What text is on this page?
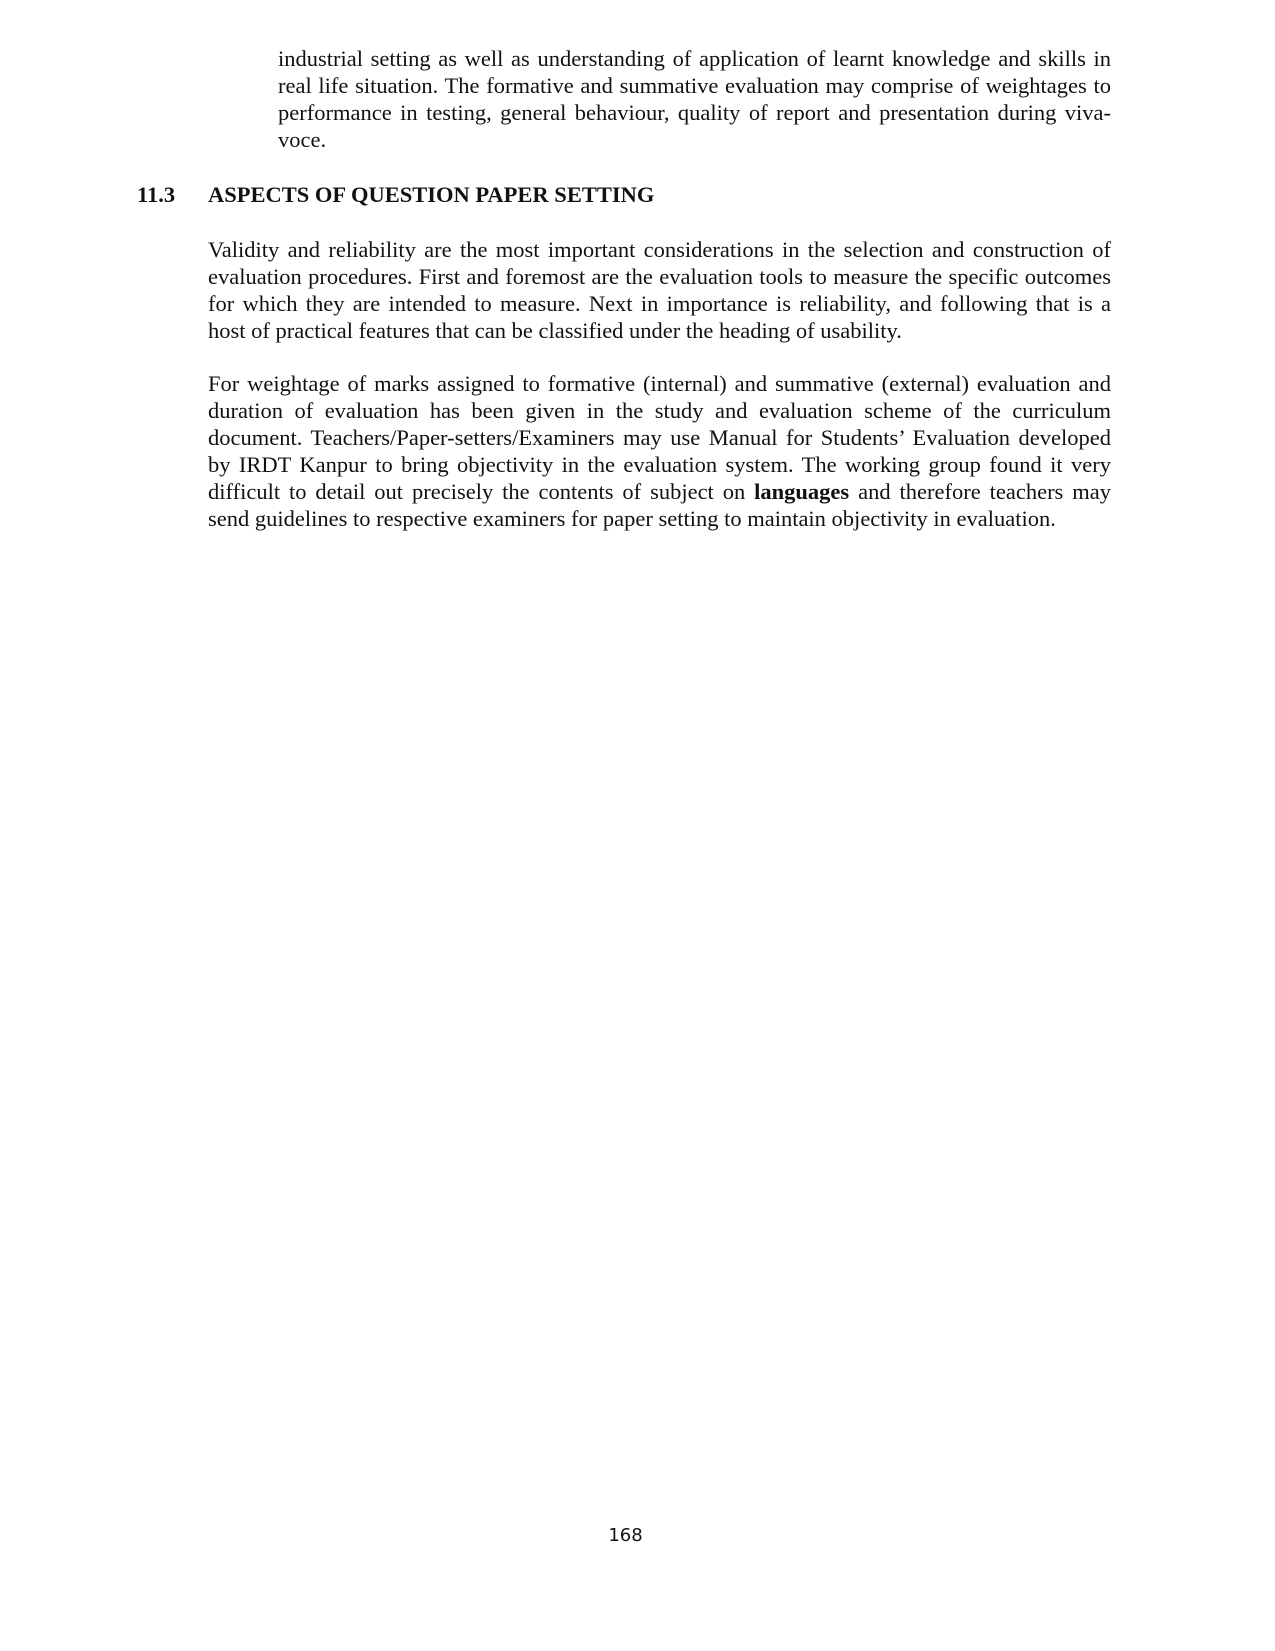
industrial setting as well as understanding of application of learnt knowledge and skills in real life situation. The formative and summative evaluation may comprise of weightages to performance in testing, general behaviour, quality of report and presentation during viva-voce.

11.3 ASPECTS OF QUESTION PAPER SETTING

Validity and reliability are the most important considerations in the selection and construction of evaluation procedures. First and foremost are the evaluation tools to measure the specific outcomes for which they are intended to measure. Next in importance is reliability, and following that is a host of practical features that can be classified under the heading of usability.

For weightage of marks assigned to formative (internal) and summative (external) evaluation and duration of evaluation has been given in the study and evaluation scheme of the curriculum document. Teachers/Paper-setters/Examiners may use Manual for Students’ Evaluation developed by IRDT Kanpur to bring objectivity in the evaluation system. The working group found it very difficult to detail out precisely the contents of subject on languages and therefore teachers may send guidelines to respective examiners for paper setting to maintain objectivity in evaluation.

168
